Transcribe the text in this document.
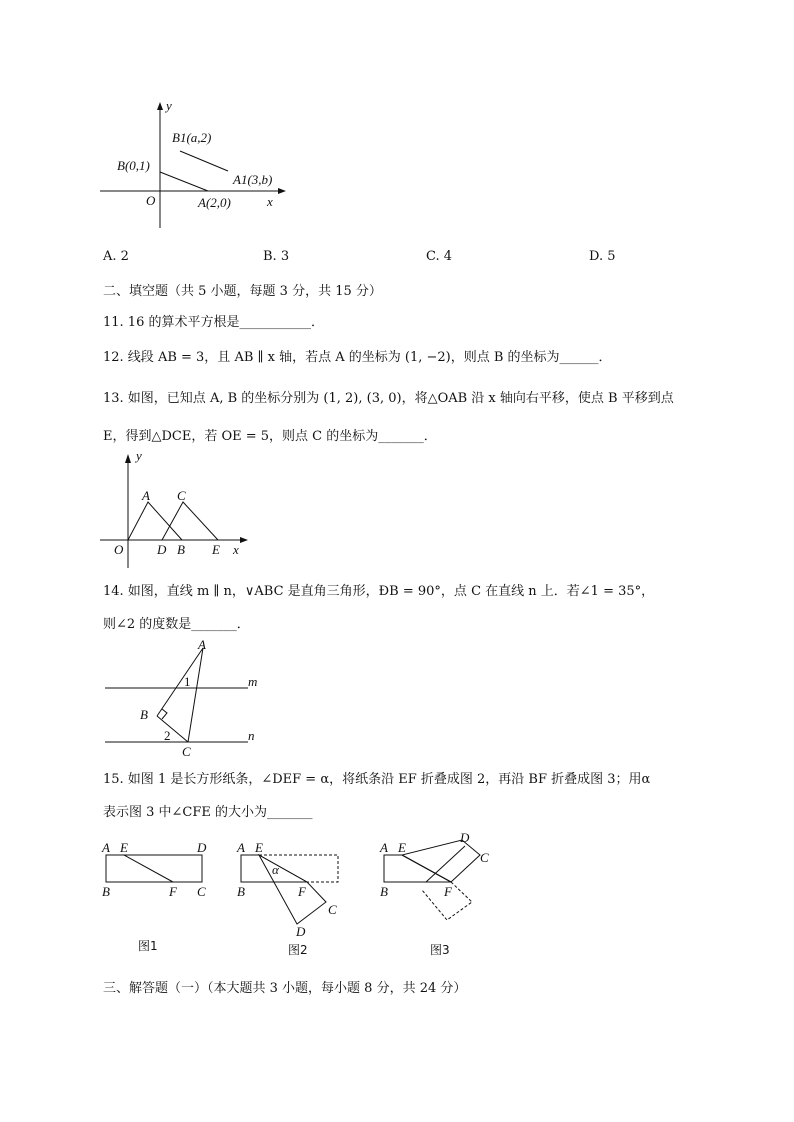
y
x
O
B(0,1)
A(2,0)
B1(a,2)
A1(3,b)
A. 2	B. 3	C. 4	D. 5
二、填空题（共 5 小题，每题 3 分，共 15 分）
11. 16 的算术平方根是___________．
12. 线段 AB = 3，且 AB ∥ x 轴，若点 A 的坐标为 (1, −2)，则点 B 的坐标为______．
13. 如图，已知点 A, B 的坐标分别为 (1, 2), (3, 0)，将△OAB 沿 x 轴向右平移，使点 B 平移到点
E，得到△DCE，若 OE = 5，则点 C 的坐标为_______．
y
x
O
A C
D B E
14. 如图，直线 m ∥ n，∨ABC 是直角三角形，ÐB = 90°，点 C 在直线 n 上．若∠1 = 35°，
则∠2 的度数是_______．
A
m
1
B
2	n
C
15. 如图 1 是长方形纸条，∠DEF = α，将纸条沿 EF 折叠成图 2，再沿 BF 折叠成图 3；用α
表示图 3 中∠CFE 的大小为_______
A E	D
B	F C
图1
A E
α
B	F
C
D
图2
A E
D
C
B	F
图3
三、解答题（一）（本大题共 3 小题，每小题 8 分，共 24 分）
